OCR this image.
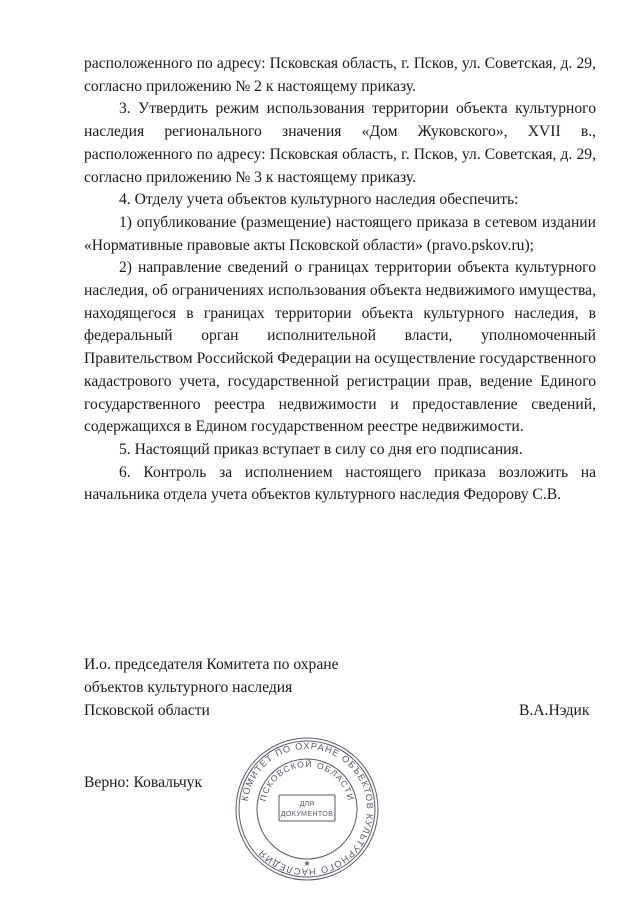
расположенного по адресу: Псковская область, г. Псков, ул. Советская, д. 29, согласно приложению № 2 к настоящему приказу.

3. Утвердить режим использования территории объекта культурного наследия регионального значения «Дом Жуковского», XVII в., расположенного по адресу: Псковская область, г. Псков, ул. Советская, д. 29, согласно приложению № 3 к настоящему приказу.

4. Отделу учета объектов культурного наследия обеспечить:

1) опубликование (размещение) настоящего приказа в сетевом издании «Нормативные правовые акты Псковской области» (pravo.pskov.ru);

2) направление сведений о границах территории объекта культурного наследия, об ограничениях использования объекта недвижимого имущества, находящегося в границах территории объекта культурного наследия, в федеральный орган исполнительной власти, уполномоченный Правительством Российской Федерации на осуществление государственного кадастрового учета, государственной регистрации прав, ведение Единого государственного реестра недвижимости и предоставление сведений, содержащихся в Едином государственном реестре недвижимости.

5. Настоящий приказ вступает в силу со дня его подписания.

6. Контроль за исполнением настоящего приказа возложить на начальника отдела учета объектов культурного наследия Федорову С.В.

И.о. председателя Комитета по охране

объектов культурного наследия

Псковской области	В.А.Нэдик
Верно: Ковальчук
КОМИТЕТ ПО ОХРАНЕ ОБЪЕКТОВ КУЛЬТУРНОГО НАСЛЕДИЯ
ПСКОВСКОЙ ОБЛАСТИ
ДЛЯ
ДОКУМЕНТОВ
★
